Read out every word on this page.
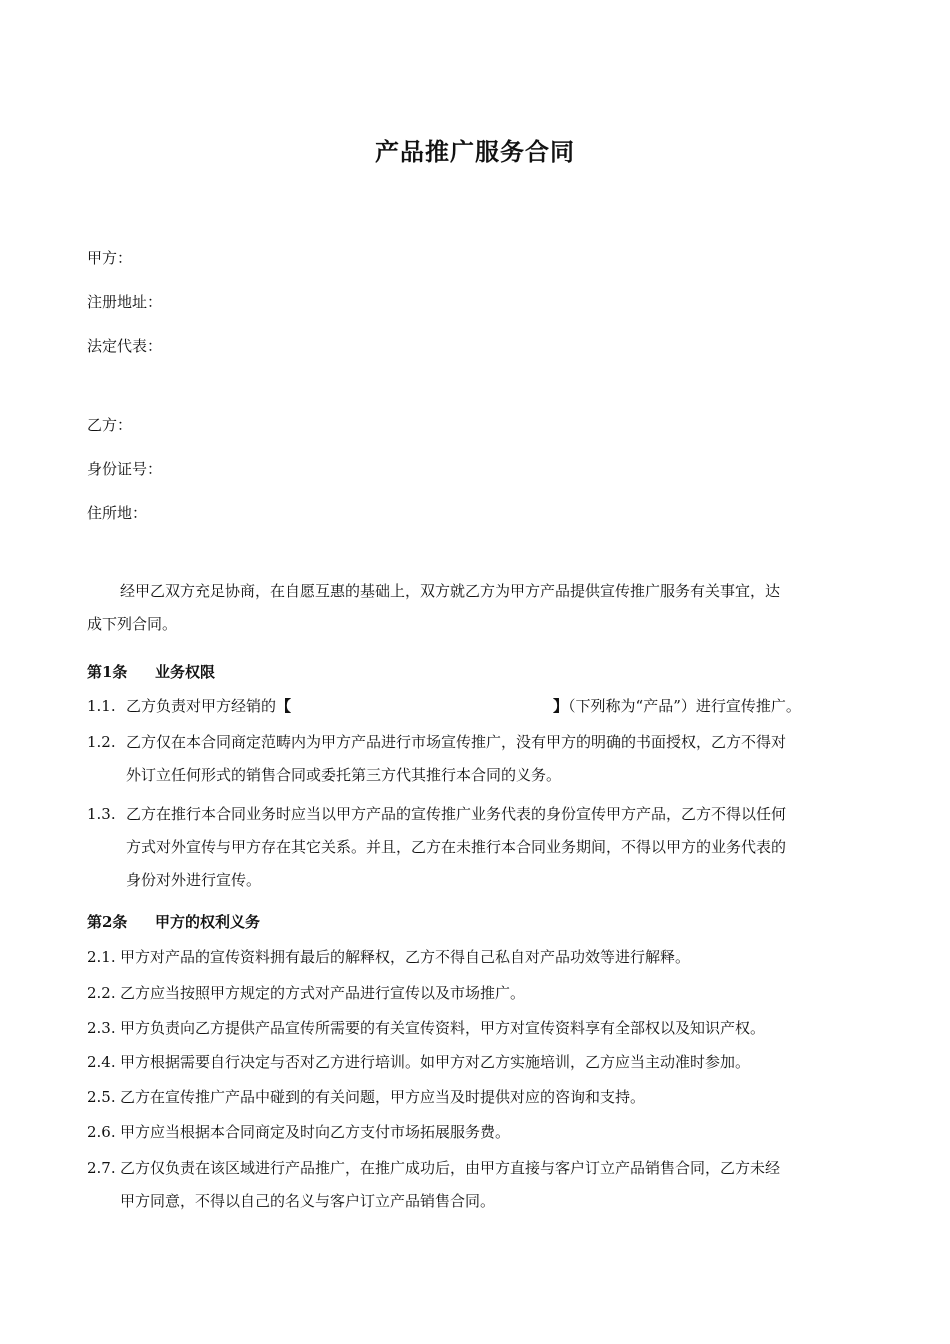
产品推广服务合同
甲方：
注册地址：
法定代表：
乙方：
身份证号：
住所地：
经甲乙双方充足协商，在自愿互惠的基础上，双方就乙方为甲方产品提供宣传推广服务有关事宜，达
成下列合同。
第1条 业务权限
1.1. 乙方负责对甲方经销的【	】（下列称为“产品”）进行宣传推广。
1.2. 乙方仅在本合同商定范畴内为甲方产品进行市场宣传推广，没有甲方的明确的书面授权，乙方不得对
外订立任何形式的销售合同或委托第三方代其推行本合同的义务。
1.3. 乙方在推行本合同业务时应当以甲方产品的宣传推广业务代表的身份宣传甲方产品，乙方不得以任何
方式对外宣传与甲方存在其它关系。并且，乙方在未推行本合同业务期间，不得以甲方的业务代表的
身份对外进行宣传。
第2条 甲方的权利义务
2.1. 甲方对产品的宣传资料拥有最后的解释权，乙方不得自己私自对产品功效等进行解释。
2.2. 乙方应当按照甲方规定的方式对产品进行宣传以及市场推广。
2.3. 甲方负责向乙方提供产品宣传所需要的有关宣传资料，甲方对宣传资料享有全部权以及知识产权。
2.4. 甲方根据需要自行决定与否对乙方进行培训。如甲方对乙方实施培训，乙方应当主动准时参加。
2.5. 乙方在宣传推广产品中碰到的有关问题，甲方应当及时提供对应的咨询和支持。
2.6. 甲方应当根据本合同商定及时向乙方支付市场拓展服务费。
2.7. 乙方仅负责在该区域进行产品推广，在推广成功后，由甲方直接与客户订立产品销售合同，乙方未经
甲方同意，不得以自己的名义与客户订立产品销售合同。
